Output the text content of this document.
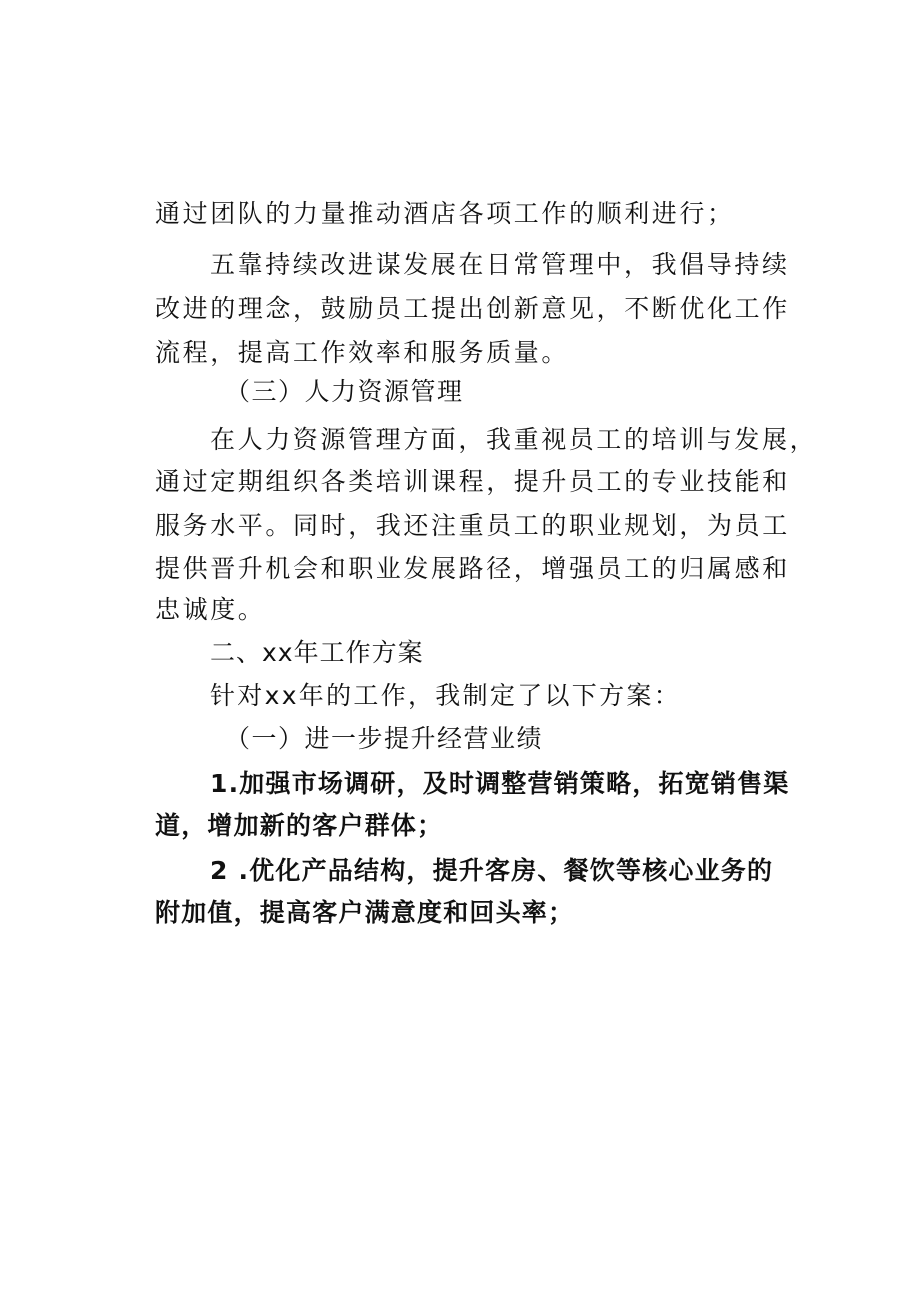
通过团队的力量推动酒店各项工作的顺利进行；
五靠持续改进谋发展在日常管理中，我倡导持续
改进的理念，鼓励员工提出创新意见，不断优化工作
流程，提高工作效率和服务质量。
（三）人力资源管理
在人力资源管理方面，我重视员工的培训与发展，
通过定期组织各类培训课程，提升员工的专业技能和
服务水平。同时，我还注重员工的职业规划，为员工
提供晋升机会和职业发展路径，增强员工的归属感和
忠诚度。
二、xx年工作方案
针对xx年的工作，我制定了以下方案：
（一）进一步提升经营业绩
1.加强市场调研，及时调整营销策略，拓宽销售渠
道，增加新的客户群体；
2 .优化产品结构，提升客房、餐饮等核心业务的
附加值，提高客户满意度和回头率；
